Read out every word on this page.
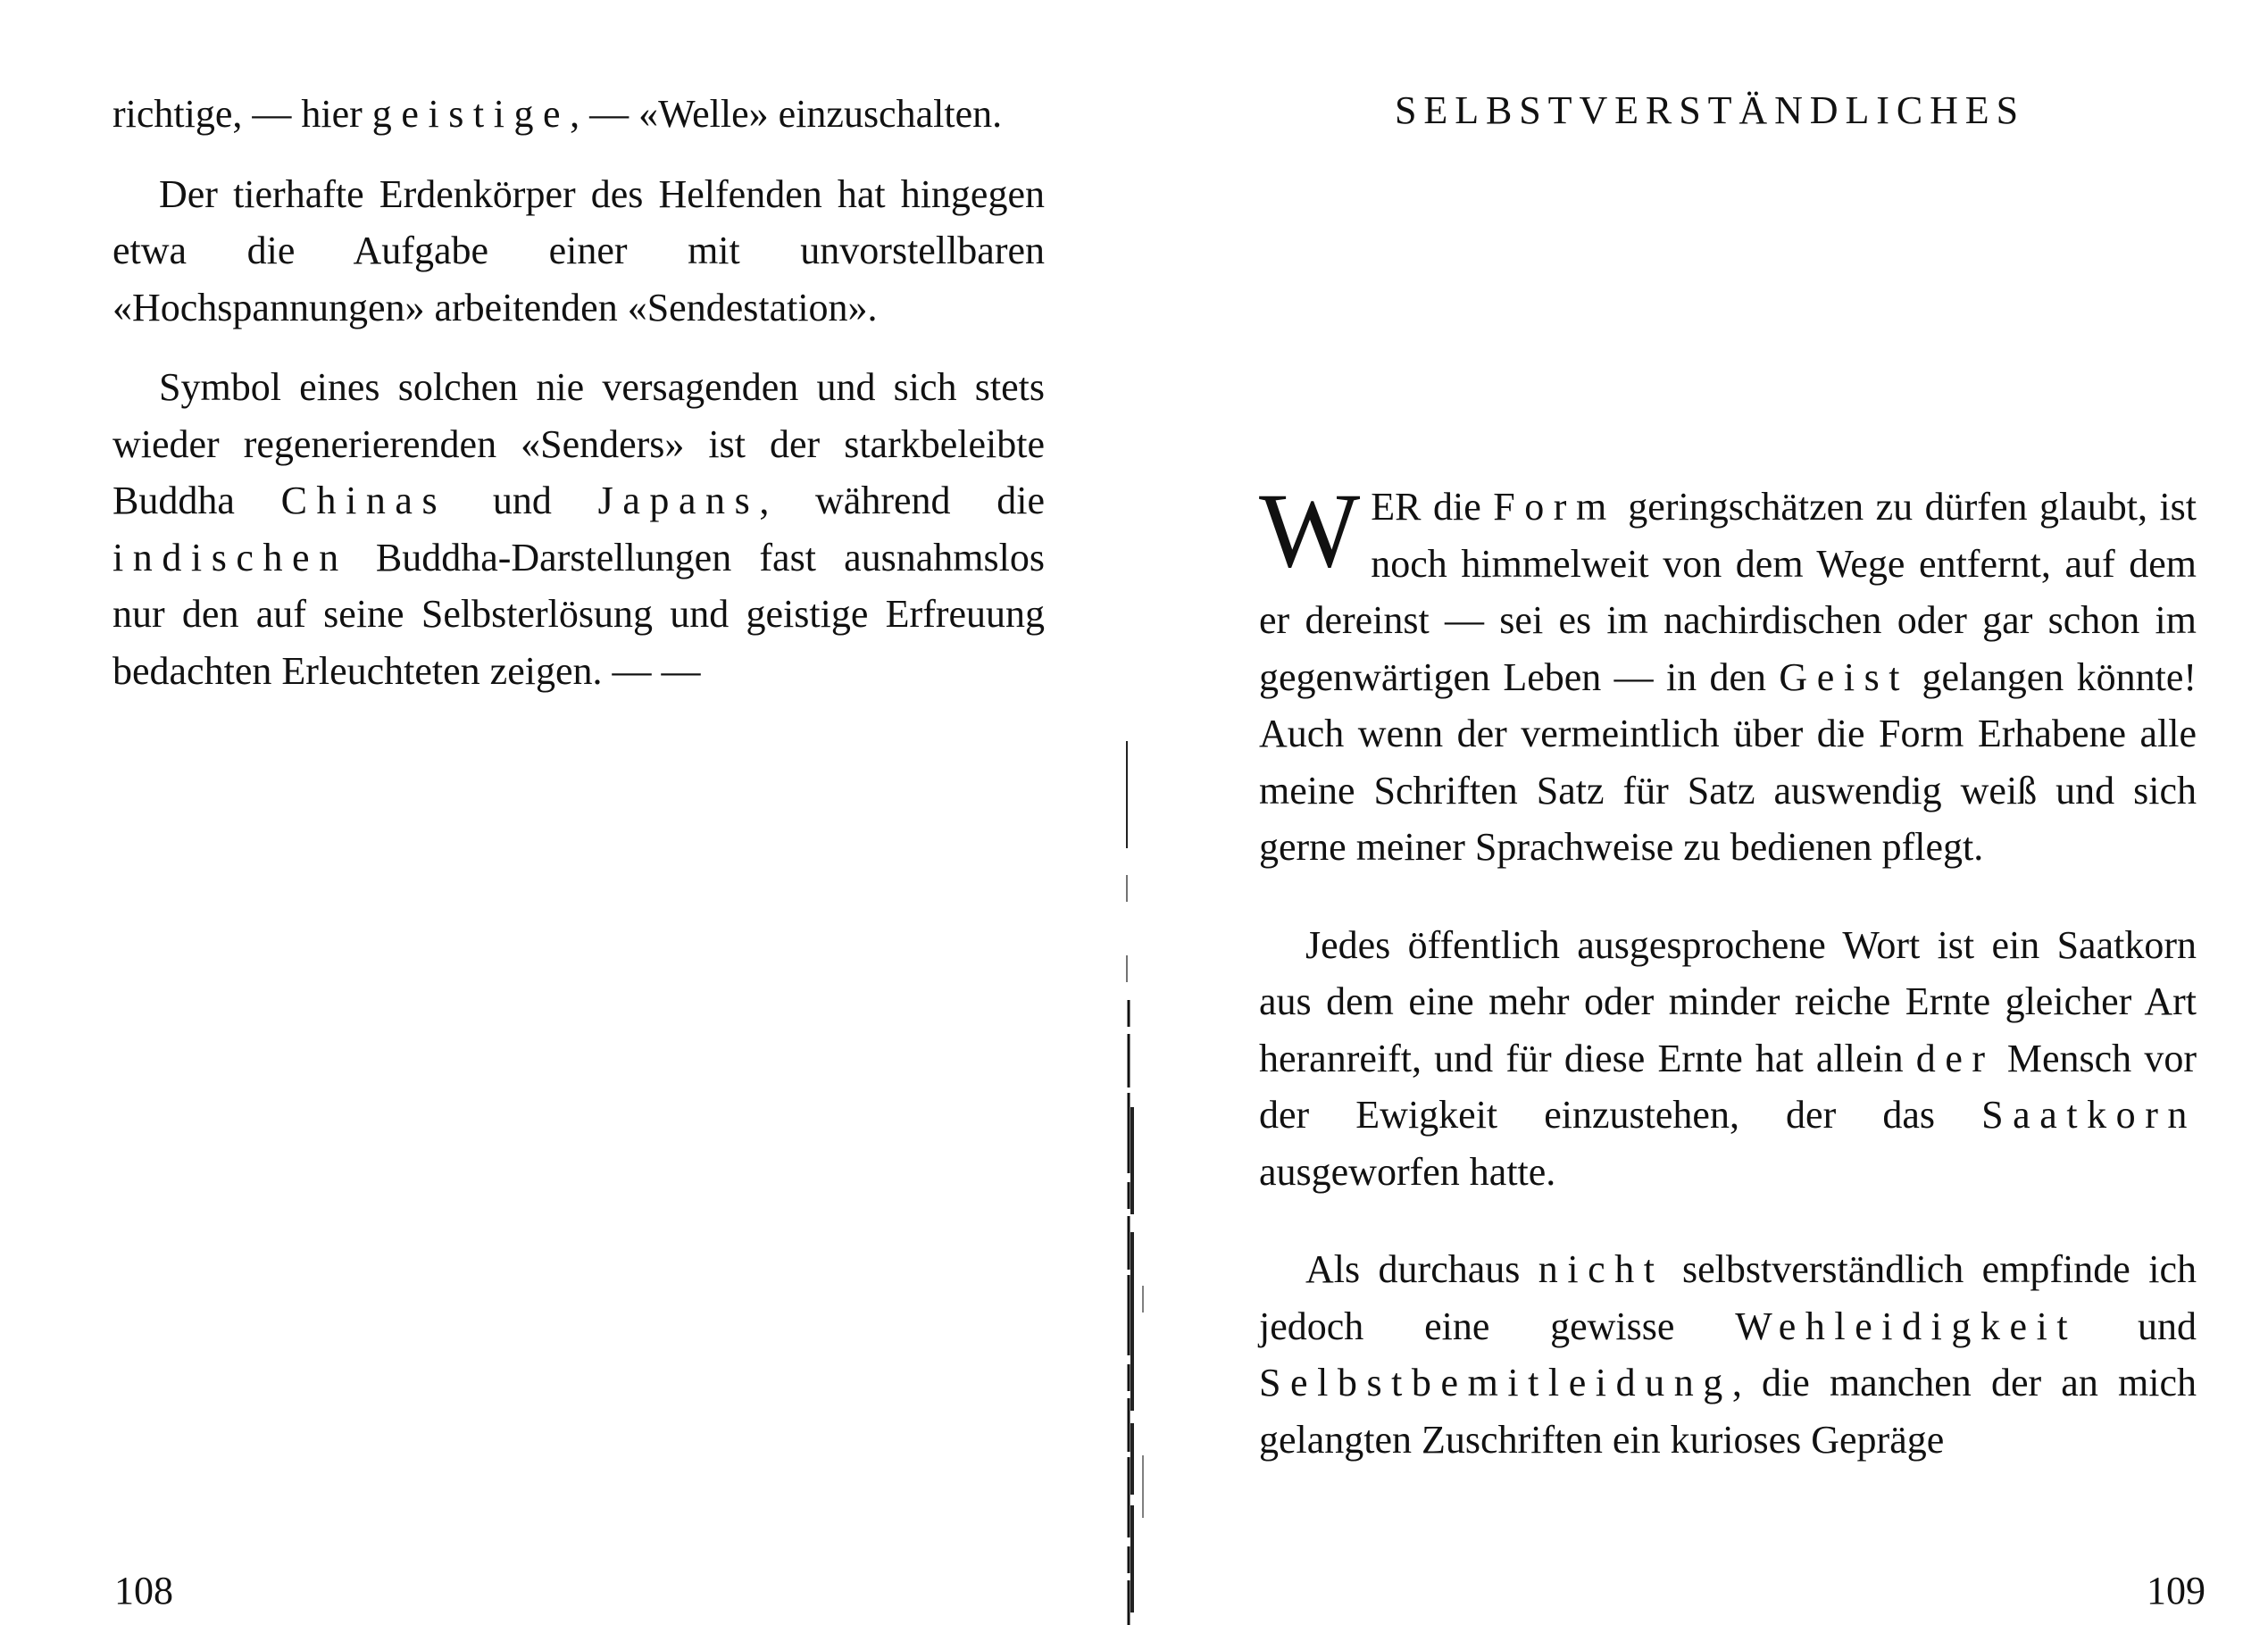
richtige, — hier geistige, — «Welle» einzuschalten.

Der tierhafte Erdenkörper des Helfenden hat hingegen etwa die Aufgabe einer mit unvorstellbaren «Hochspannungen» arbeitenden «Sendestation».

Symbol eines solchen nie versagenden und sich stets wieder regenerierenden «Senders» ist der starkbeleibte Buddha Chinas und Japans, während die indischen Buddha-Darstellungen fast ausnahmslos nur den auf seine Selbsterlösung und geistige Erfreuung bedachten Erleuchteten zeigen. — —

108
SELBSTVERSTÄNDLICHES

WER die Form geringschätzen zu dürfen glaubt, ist noch himmelweit von dem Wege entfernt, auf dem er dereinst — sei es im nachirdischen oder gar schon im gegenwärtigen Leben — in den Geist gelangen könnte! Auch wenn der vermeintlich über die Form Erhabene alle meine Schriften Satz für Satz auswendig weiß und sich gerne meiner Sprachweise zu bedienen pflegt.

Jedes öffentlich ausgesprochene Wort ist ein Saatkorn aus dem eine mehr oder minder reiche Ernte gleicher Art heranreift, und für diese Ernte hat allein der Mensch vor der Ewigkeit einzustehen, der das Saatkorn ausgeworfen hatte.

Als durchaus nicht selbstverständlich empfinde ich jedoch eine gewisse Wehleidigkeit und Selbstbemitleidung, die manchen der an mich gelangten Zuschriften ein kurioses Gepräge

109
